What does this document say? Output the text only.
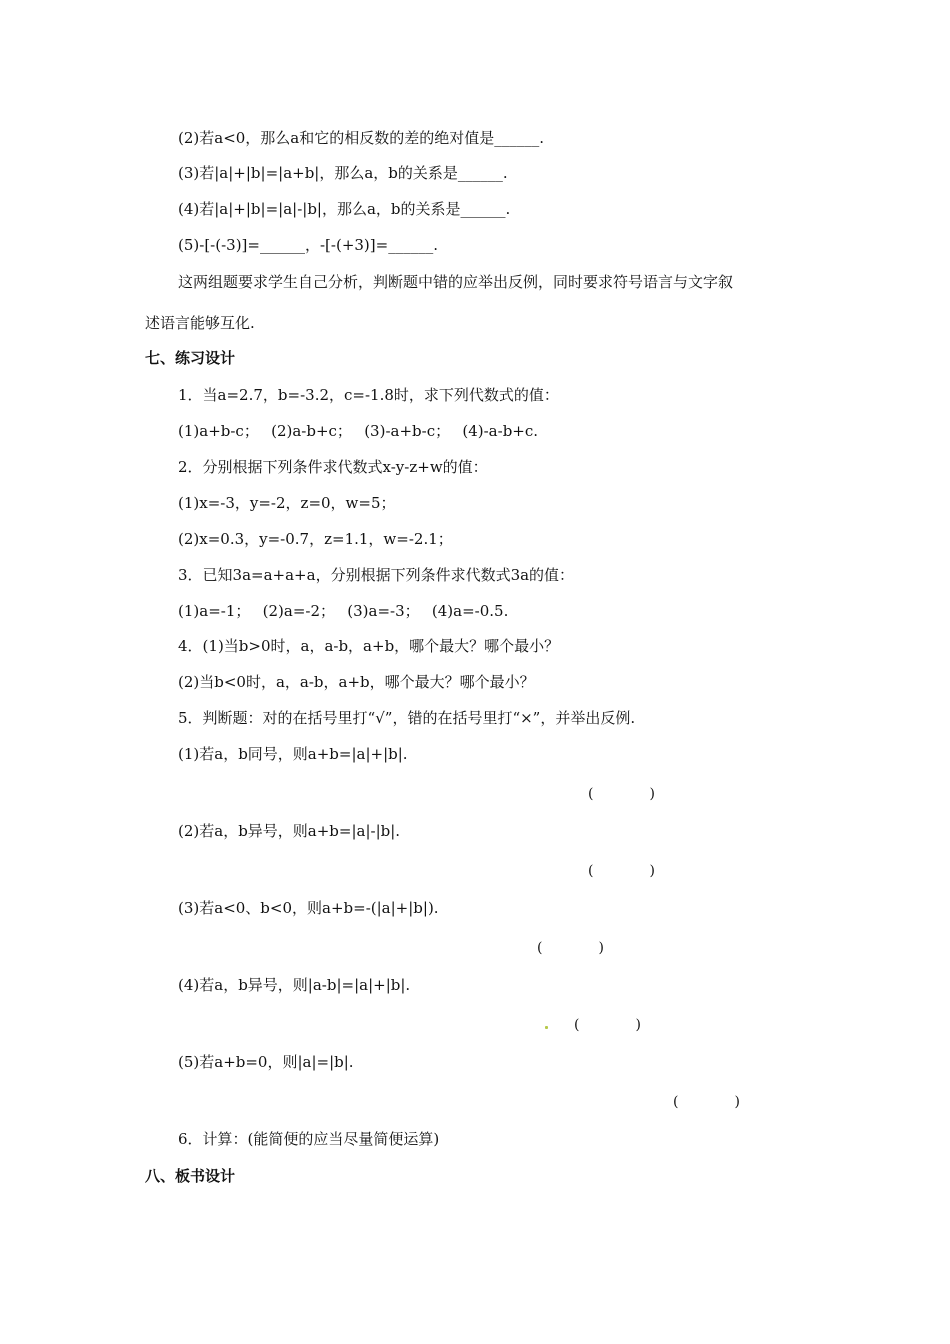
(2)若a<0，那么a和它的相反数的差的绝对值是______.
(3)若|a|+|b|=|a+b|，那么a，b的关系是______.
(4)若|a|+|b|=|a|-|b|，那么a，b的关系是______.
(5)-[-(-3)]=______，-[-(+3)]=______.
这两组题要求学生自己分析，判断题中错的应举出反例，同时要求符号语言与文字叙
述语言能够互化.
七、练习设计
1．当a=2.7，b=-3.2，c=-1.8时，求下列代数式的值：
(1)a+b-c；　 (2)a-b+c；　 (3)-a+b-c；　 (4)-a-b+c.
2．分别根据下列条件求代数式x-y-z+w的值：
(1)x=-3，y=-2，z=0，w=5；
(2)x=0.3，y=-0.7，z=1.1，w=-2.1；
3．已知3a=a+a+a，分别根据下列条件求代数式3a的值：
(1)a=-1；　 (2)a=-2；　 (3)a=-3；　 (4)a=-0.5.
4．(1)当b>0时，a，a-b，a+b，哪个最大？哪个最小？
(2)当b<0时，a，a-b，a+b，哪个最大？哪个最小？
5．判断题：对的在括号里打“√”，错的在括号里打“×”，并举出反例.
(1)若a，b同号，则a+b=|a|+|b|.
(　　　　)
(2)若a，b异号，则a+b=|a|-|b|.
(　　　　)
(3)若a<0、b<0，则a+b=-(|a|+|b|).
(　　　　)
(4)若a，b异号，则|a-b|=|a|+|b|.
(　　　　)
(5)若a+b=0，则|a|=|b|.
(　　　　)
6．计算：(能简便的应当尽量简便运算)
八、板书设计
